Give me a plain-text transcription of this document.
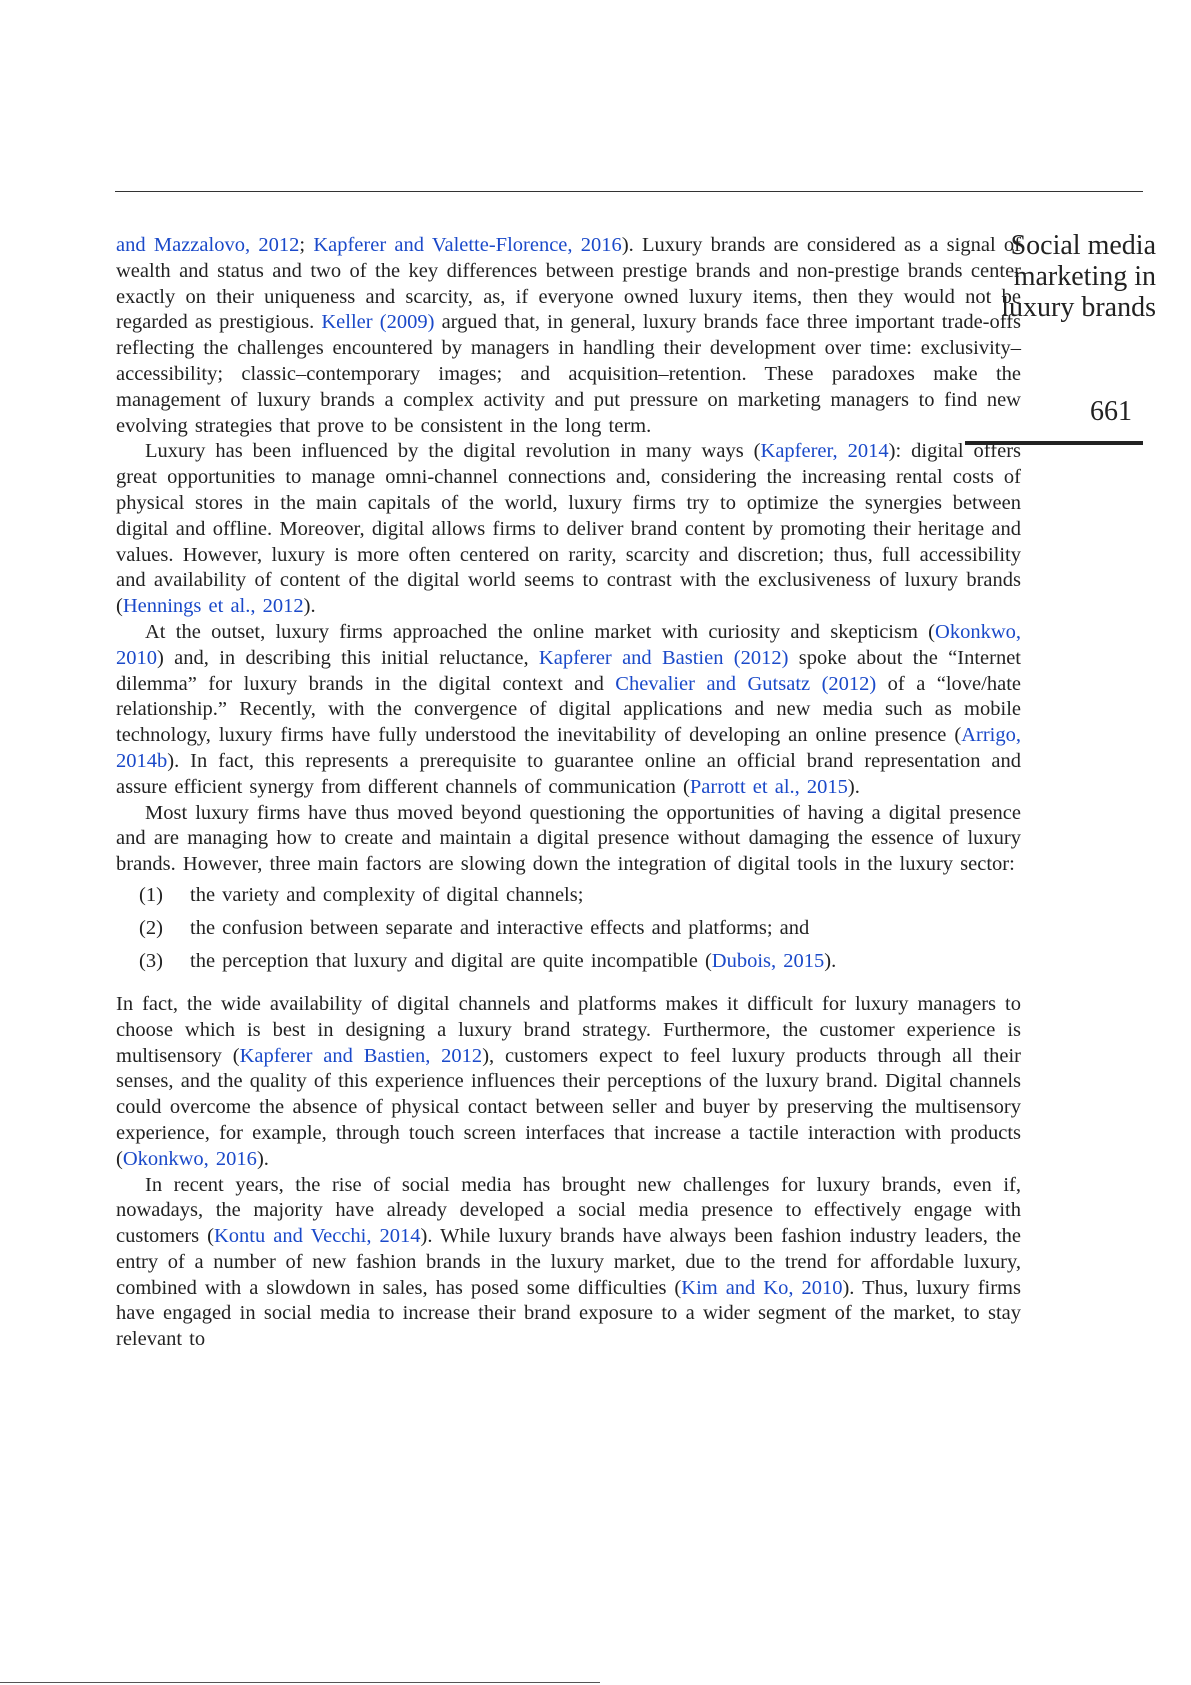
Social media
marketing in
luxury brands
661

and Mazzalovo, 2012; Kapferer and Valette-Florence, 2016). Luxury brands are considered as a signal of wealth and status and two of the key differences between prestige brands and non-prestige brands center exactly on their uniqueness and scarcity, as, if everyone owned luxury items, then they would not be regarded as prestigious. Keller (2009) argued that, in general, luxury brands face three important trade-offs reflecting the challenges encountered by managers in handling their development over time: exclusivity–accessibility; classic–contemporary images; and acquisition–retention. These paradoxes make the management of luxury brands a complex activity and put pressure on marketing managers to find new evolving strategies that prove to be consistent in the long term.

Luxury has been influenced by the digital revolution in many ways (Kapferer, 2014): digital offers great opportunities to manage omni-channel connections and, considering the increasing rental costs of physical stores in the main capitals of the world, luxury firms try to optimize the synergies between digital and offline. Moreover, digital allows firms to deliver brand content by promoting their heritage and values. However, luxury is more often centered on rarity, scarcity and discretion; thus, full accessibility and availability of content of the digital world seems to contrast with the exclusiveness of luxury brands (Hennings et al., 2012).

At the outset, luxury firms approached the online market with curiosity and skepticism (Okonkwo, 2010) and, in describing this initial reluctance, Kapferer and Bastien (2012) spoke about the “Internet dilemma” for luxury brands in the digital context and Chevalier and Gutsatz (2012) of a “love/hate relationship.” Recently, with the convergence of digital applications and new media such as mobile technology, luxury firms have fully understood the inevitability of developing an online presence (Arrigo, 2014b). In fact, this represents a prerequisite to guarantee online an official brand representation and assure efficient synergy from different channels of communication (Parrott et al., 2015).

Most luxury firms have thus moved beyond questioning the opportunities of having a digital presence and are managing how to create and maintain a digital presence without damaging the essence of luxury brands. However, three main factors are slowing down the integration of digital tools in the luxury sector:

(1)	the variety and complexity of digital channels;
(2)	the confusion between separate and interactive effects and platforms; and
(3)	the perception that luxury and digital are quite incompatible (Dubois, 2015).

In fact, the wide availability of digital channels and platforms makes it difficult for luxury managers to choose which is best in designing a luxury brand strategy. Furthermore, the customer experience is multisensory (Kapferer and Bastien, 2012), customers expect to feel luxury products through all their senses, and the quality of this experience influences their perceptions of the luxury brand. Digital channels could overcome the absence of physical contact between seller and buyer by preserving the multisensory experience, for example, through touch screen interfaces that increase a tactile interaction with products (Okonkwo, 2016).

In recent years, the rise of social media has brought new challenges for luxury brands, even if, nowadays, the majority have already developed a social media presence to effectively engage with customers (Kontu and Vecchi, 2014). While luxury brands have always been fashion industry leaders, the entry of a number of new fashion brands in the luxury market, due to the trend for affordable luxury, combined with a slowdown in sales, has posed some difficulties (Kim and Ko, 2010). Thus, luxury firms have engaged in social media to increase their brand exposure to a wider segment of the market, to stay relevant to
